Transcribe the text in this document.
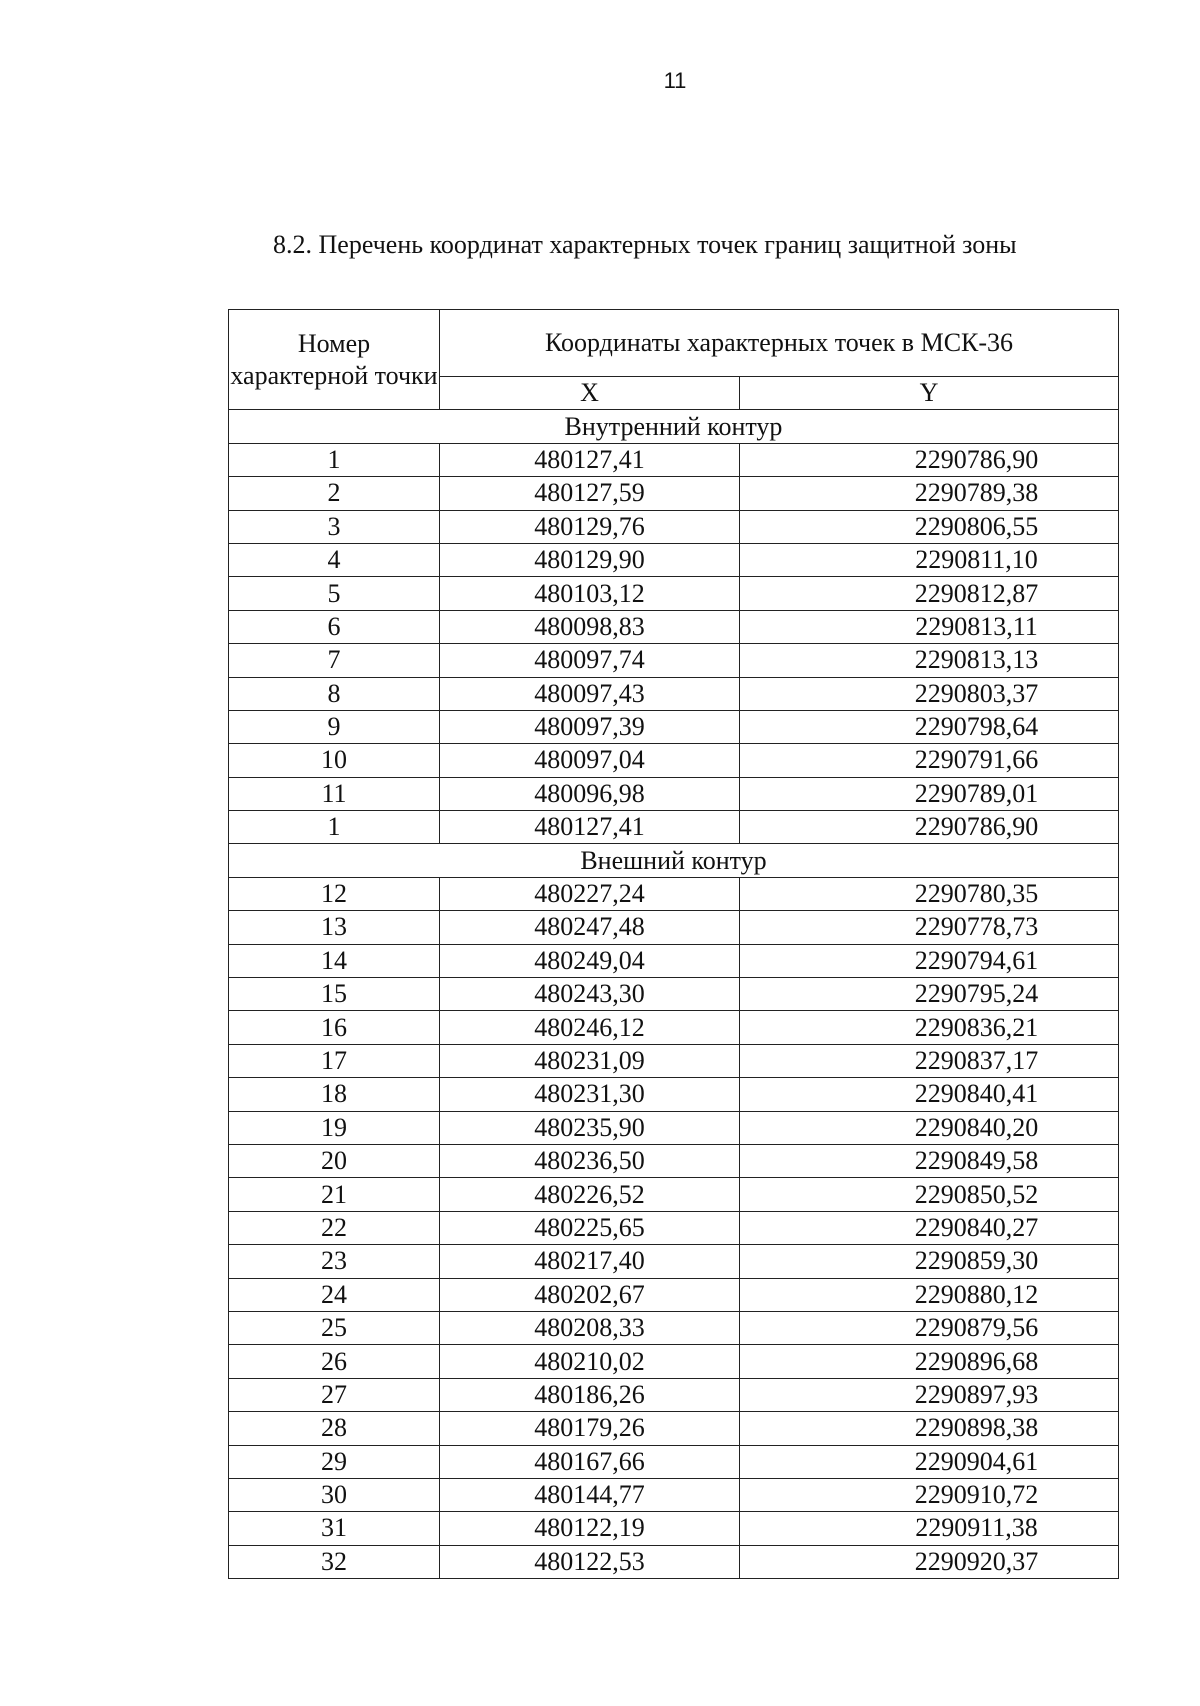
11
8.2. Перечень координат характерных точек границ защитной зоны
Номер характерной точки	Координаты характерных точек в МСК-36	
	X	Y
Внутренний контур		
1	480127,41	2290786,90
2	480127,59	2290789,38
3	480129,76	2290806,55
4	480129,90	2290811,10
5	480103,12	2290812,87
6	480098,83	2290813,11
7	480097,74	2290813,13
8	480097,43	2290803,37
9	480097,39	2290798,64
10	480097,04	2290791,66
11	480096,98	2290789,01
1	480127,41	2290786,90
Внешний контур		
12	480227,24	2290780,35
13	480247,48	2290778,73
14	480249,04	2290794,61
15	480243,30	2290795,24
16	480246,12	2290836,21
17	480231,09	2290837,17
18	480231,30	2290840,41
19	480235,90	2290840,20
20	480236,50	2290849,58
21	480226,52	2290850,52
22	480225,65	2290840,27
23	480217,40	2290859,30
24	480202,67	2290880,12
25	480208,33	2290879,56
26	480210,02	2290896,68
27	480186,26	2290897,93
28	480179,26	2290898,38
29	480167,66	2290904,61
30	480144,77	2290910,72
31	480122,19	2290911,38
32	480122,53	2290920,37
